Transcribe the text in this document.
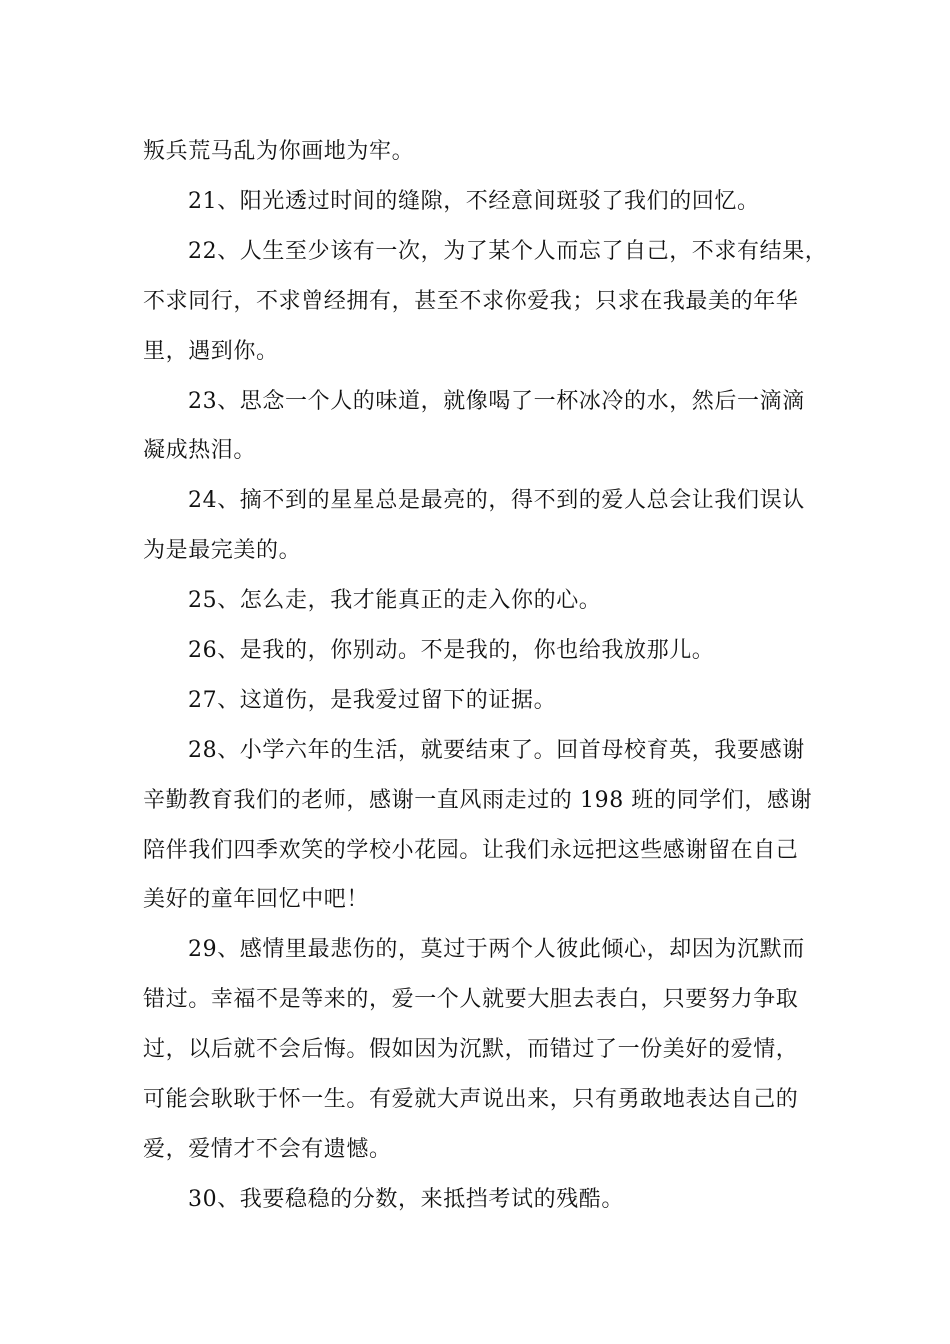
叛兵荒马乱为你画地为牢。
21、阳光透过时间的缝隙，不经意间斑驳了我们的回忆。
22、人生至少该有一次，为了某个人而忘了自己，不求有结果，
不求同行，不求曾经拥有，甚至不求你爱我；只求在我最美的年华
里，遇到你。
23、思念一个人的味道，就像喝了一杯冰冷的水，然后一滴滴
凝成热泪。
24、摘不到的星星总是最亮的，得不到的爱人总会让我们误认
为是最完美的。
25、怎么走，我才能真正的走入你的心。
26、是我的，你别动。不是我的，你也给我放那儿。
27、这道伤，是我爱过留下的证据。
28、小学六年的生活，就要结束了。回首母校育英，我要感谢
辛勤教育我们的老师，感谢一直风雨走过的 198 班的同学们，感谢
陪伴我们四季欢笑的学校小花园。让我们永远把这些感谢留在自己
美好的童年回忆中吧！
29、感情里最悲伤的，莫过于两个人彼此倾心，却因为沉默而
错过。幸福不是等来的，爱一个人就要大胆去表白，只要努力争取
过，以后就不会后悔。假如因为沉默，而错过了一份美好的爱情，
可能会耿耿于怀一生。有爱就大声说出来，只有勇敢地表达自己的
爱，爱情才不会有遗憾。
30、我要稳稳的分数，来抵挡考试的残酷。
